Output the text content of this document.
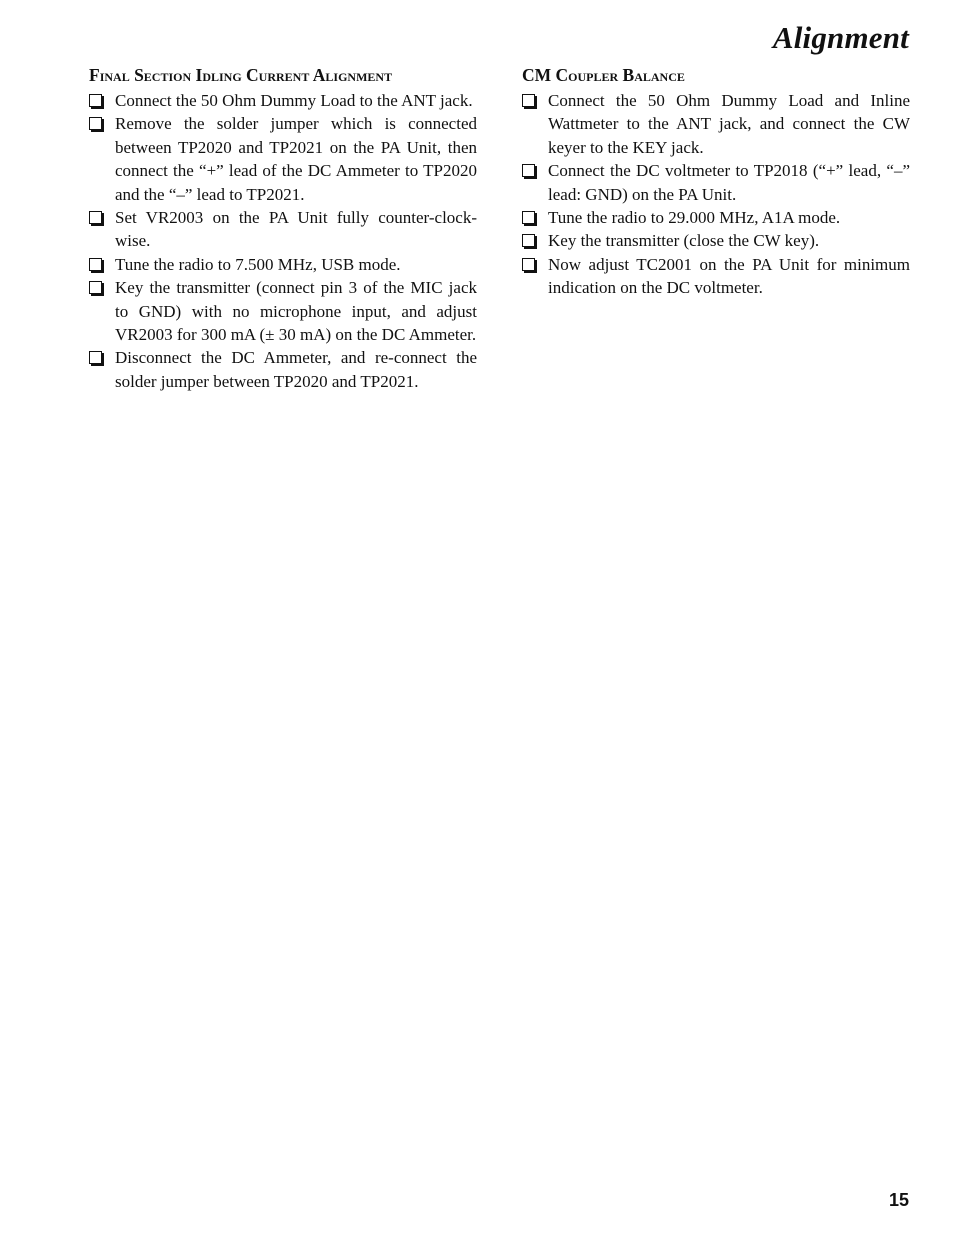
Alignment
Final Section Idling Current Alignment
Connect the 50 Ohm Dummy Load to the ANT jack.
Remove the solder jumper which is connected between TP2020 and TP2021 on the PA Unit, then connect the “+” lead of the DC Ammeter to TP2020 and the “–” lead to TP2021.
Set VR2003 on the PA Unit fully counter-clock-wise.
Tune the radio to 7.500 MHz, USB mode.
Key the transmitter (connect pin 3 of the MIC jack to GND) with no microphone input, and adjust VR2003 for 300 mA (± 30 mA) on the DC Ammeter.
Disconnect the DC Ammeter, and re-connect the solder jumper between TP2020 and TP2021.
CM Coupler Balance
Connect the 50 Ohm Dummy Load and Inline Wattmeter to the ANT jack, and connect the CW keyer to the KEY jack.
Connect the DC voltmeter to TP2018 (“+” lead, “–” lead: GND) on the PA Unit.
Tune the radio to 29.000 MHz, A1A mode.
Key the transmitter (close the CW key).
Now adjust TC2001 on the PA Unit for minimum indication on the DC voltmeter.
15
